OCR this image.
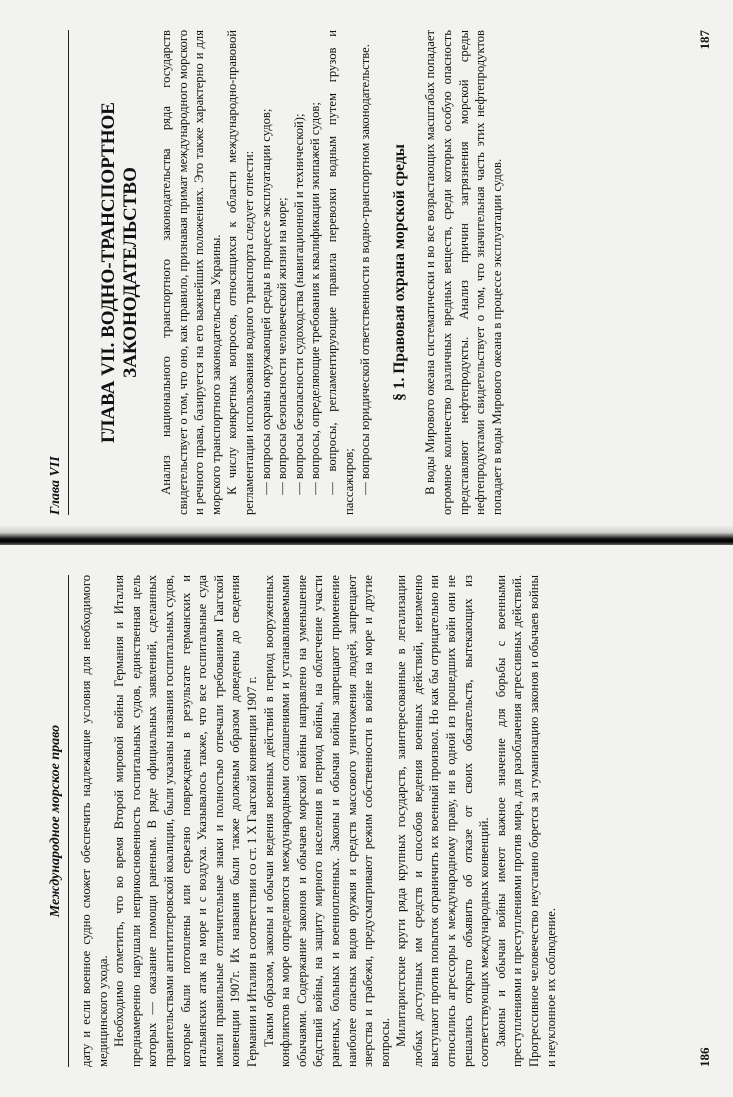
Глава VII
ГЛАВА VII. ВОДНО-ТРАНСПОРТНОЕ ЗАКОНОДАТЕЛЬСТВО Анализ национального транспортного законодательства ряда государств свидетельствует о том, что оно, как правило, признавая примат международного морского и речного права, базируется на его важнейших положениях. Это также характерно и для морского транспортного законодательства Украины. К числу конкретных вопросов, относящихся к области международно-правовой регламентации использования водного транспорта следует отнести: — вопросы охраны окружающей среды в процессе эксплуатации судов; — вопросы безопасности человеческой жизни на море; — вопросы безопасности судоходства (навигационной и технической); — вопросы, определяющие требования к квалификации экипажей судов; — вопросы, регламентирующие правила перевозки водным путем грузов и пассажиров; — вопросы юридической ответственности в водно-транспортном законодательстве. § 1. Правовая охрана морской среды В воды Мирового океана систематически и во все возрастающих масштабах попадает огромное количество различных вредных веществ, среди которых особую опасность представляют нефтепродукты. Анализ причин загрязнения морской среды нефтепродуктами свидетельствует о том, что значительная часть этих нефтепродуктов попадает в воды Мирового океана в процессе эксплуатации судов.

187
Международное морское право	дату и если военное судно сможет обеспечить надлежащие условия для необходимого медицинского ухода. Необходимо отметить, что во время Второй мировой войны Германия и Италия преднамеренно нарушали неприкосновенность госпитальных судов, единственная цель которых — оказание помощи раненым. В ряде официальных заявлений, сделанных правительствами антигитлеровской коалиции, были указаны названия госпитальных судов, которые были потоплены или серьезно повреждены в результате германских и итальянских атак на море и с воздуха. Указывалось также, что все госпитальные суда имели правильные отличительные знаки и полностью отвечали требованиям Гаагской конвенции 1907г. Их названия были также должным образом доведены до сведения Германии и Италии в соответствии со ст. 1 X Гаагской конвенции 1907 г. Таким образом, законы и обычаи ведения военных действий в период вооруженных конфликтов на море определяются международными соглашениями и устанавливаемыми обычаями. Содержание законов и обычаев морской войны направлено на уменьшение бедствий войны, на защиту мирного населения в период войны, на облегчение участи раненых, больных и военнопленных. Законы и обычаи войны запрещают применение наиболее опасных видов оружия и средств массового уничтожения людей, запрещают зверства и грабежи, предусматривают режим собственности в войне на море и другие вопросы. Милитаристские круги ряда крупных государств, заинтересованные в легализации любых доступных им средств и способов ведения военных действий, неизменно выступают против попыток ограничить их военный произвол. Но как бы отрицательно ни относились агрессоры к международному праву, ни в одной из прошедших войн они не решались открыто объявить об отказе от своих обязательств, вытекающих из соответствующих международных конвенций. Законы и обычаи войны имеют важное значение для борьбы с военными преступлениями и преступлениями против мира, для разоблачения агрессивных действий. Прогрессивное человечество неустанно борется за гуманизацию законов и обычаев войны и неуклонное их соблюдение.	186
